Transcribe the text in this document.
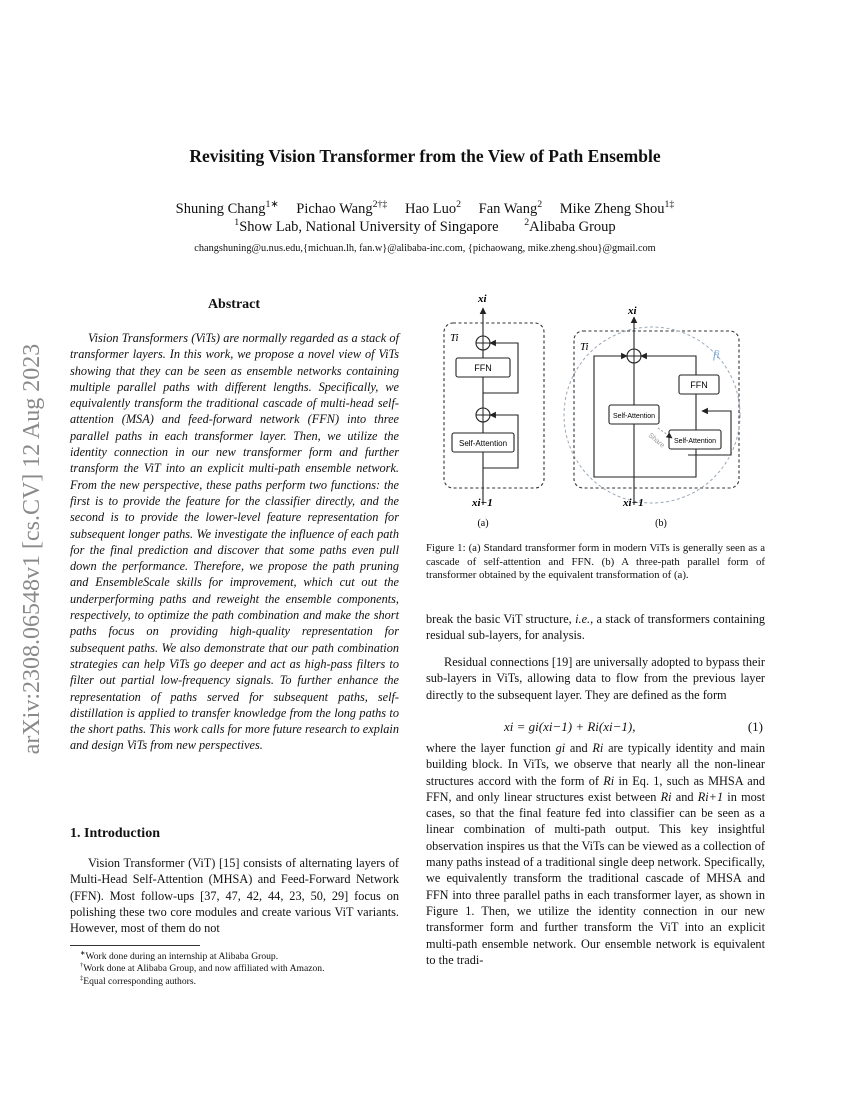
Revisiting Vision Transformer from the View of Path Ensemble
Shuning Chang$^{1∗}$ Pichao Wang$^{2\dagger\ddagger}$ Hao Luo$^2$ Fan Wang$^2$ Mike Zheng Shou$^{1\ddagger}$
$^1$Show Lab, National University of Singapore	$^2$Alibaba Group
changshuning@u.nus.edu,{michuan.lh, fan.w}@alibaba-inc.com, {pichaowang, mike.zheng.shou}@gmail.com
arXiv:2308.06548v1 [cs.CV] 12 Aug 2023
Abstract

Vision Transformers (ViTs) are normally regarded as a stack of transformer layers. In this work, we propose a novel view of ViTs showing that they can be seen as ensemble networks containing multiple parallel paths with different lengths. Specifically, we equivalently transform the traditional cascade of multi-head self-attention (MSA) and feed-forward network (FFN) into three parallel paths in each transformer layer. Then, we utilize the identity connection in our new transformer form and further transform the ViT into an explicit multi-path ensemble network. From the new perspective, these paths perform two functions: the first is to provide the feature for the classifier directly, and the second is to provide the lower-level feature representation for subsequent longer paths. We investigate the influence of each path for the final prediction and discover that some paths even pull down the performance. Therefore, we propose the path pruning and EnsembleScale skills for improvement, which cut out the underperforming paths and reweight the ensemble components, respectively, to optimize the path combination and make the short paths focus on providing high-quality representation for subsequent paths. We also demonstrate that our path combination strategies can help ViTs go deeper and act as high-pass filters to filter out partial low-frequency signals. To further enhance the representation of paths served for subsequent paths, self-distillation is applied to transfer knowledge from the long paths to the short paths. This work calls for more future research to explain and design ViTs from new perspectives.

1. Introduction

Vision Transformer (ViT) [15] consists of alternating layers of Multi-Head Self-Attention (MHSA) and Feed-Forward Network (FFN). Most follow-ups [37, 47, 42, 44, 23, 50, 29] focus on polishing these two core modules and create various ViT variants. However, most of them do not

∗Work done during an internship at Alibaba Group.
†Work done at Alibaba Group, and now affiliated with Amazon.
‡Equal corresponding authors.
xi
Ti
FFN
Self-Attention
xi−1
(a)
xi
Ti	fi
FFN
Self-Attention
Self-Attention
Share
xi−1
(b)

Figure 1: (a) Standard transformer form in modern ViTs is generally seen as a cascade of self-attention and FFN. (b) A three-path parallel form of transformer obtained by the equivalent transformation of (a).

break the basic ViT structure, i.e., a stack of transformers containing residual sub-layers, for analysis.

Residual connections [19] are universally adopted to bypass their sub-layers in ViTs, allowing data to flow from the previous layer directly to the subsequent layer. They are defined as the form

xi = gi(xi−1) + Ri(xi−1),	(1)

where the layer function gi and Ri are typically identity and main building block. In ViTs, we observe that nearly all the non-linear structures accord with the form of Ri in Eq. 1, such as MHSA and FFN, and only linear structures exist between Ri and Ri+1 in most cases, so that the final feature fed into classifier can be seen as a linear combination of multi-path output. This key insightful observation inspires us that the ViTs can be viewed as a collection of many paths instead of a traditional single deep network. Specifically, we equivalently transform the traditional cascade of MHSA and FFN into three parallel paths in each transformer layer, as shown in Figure 1. Then, we utilize the identity connection in our new transformer form and further transform the ViT into an explicit multi-path ensemble network. Our ensemble network is equivalent to the tradi-
